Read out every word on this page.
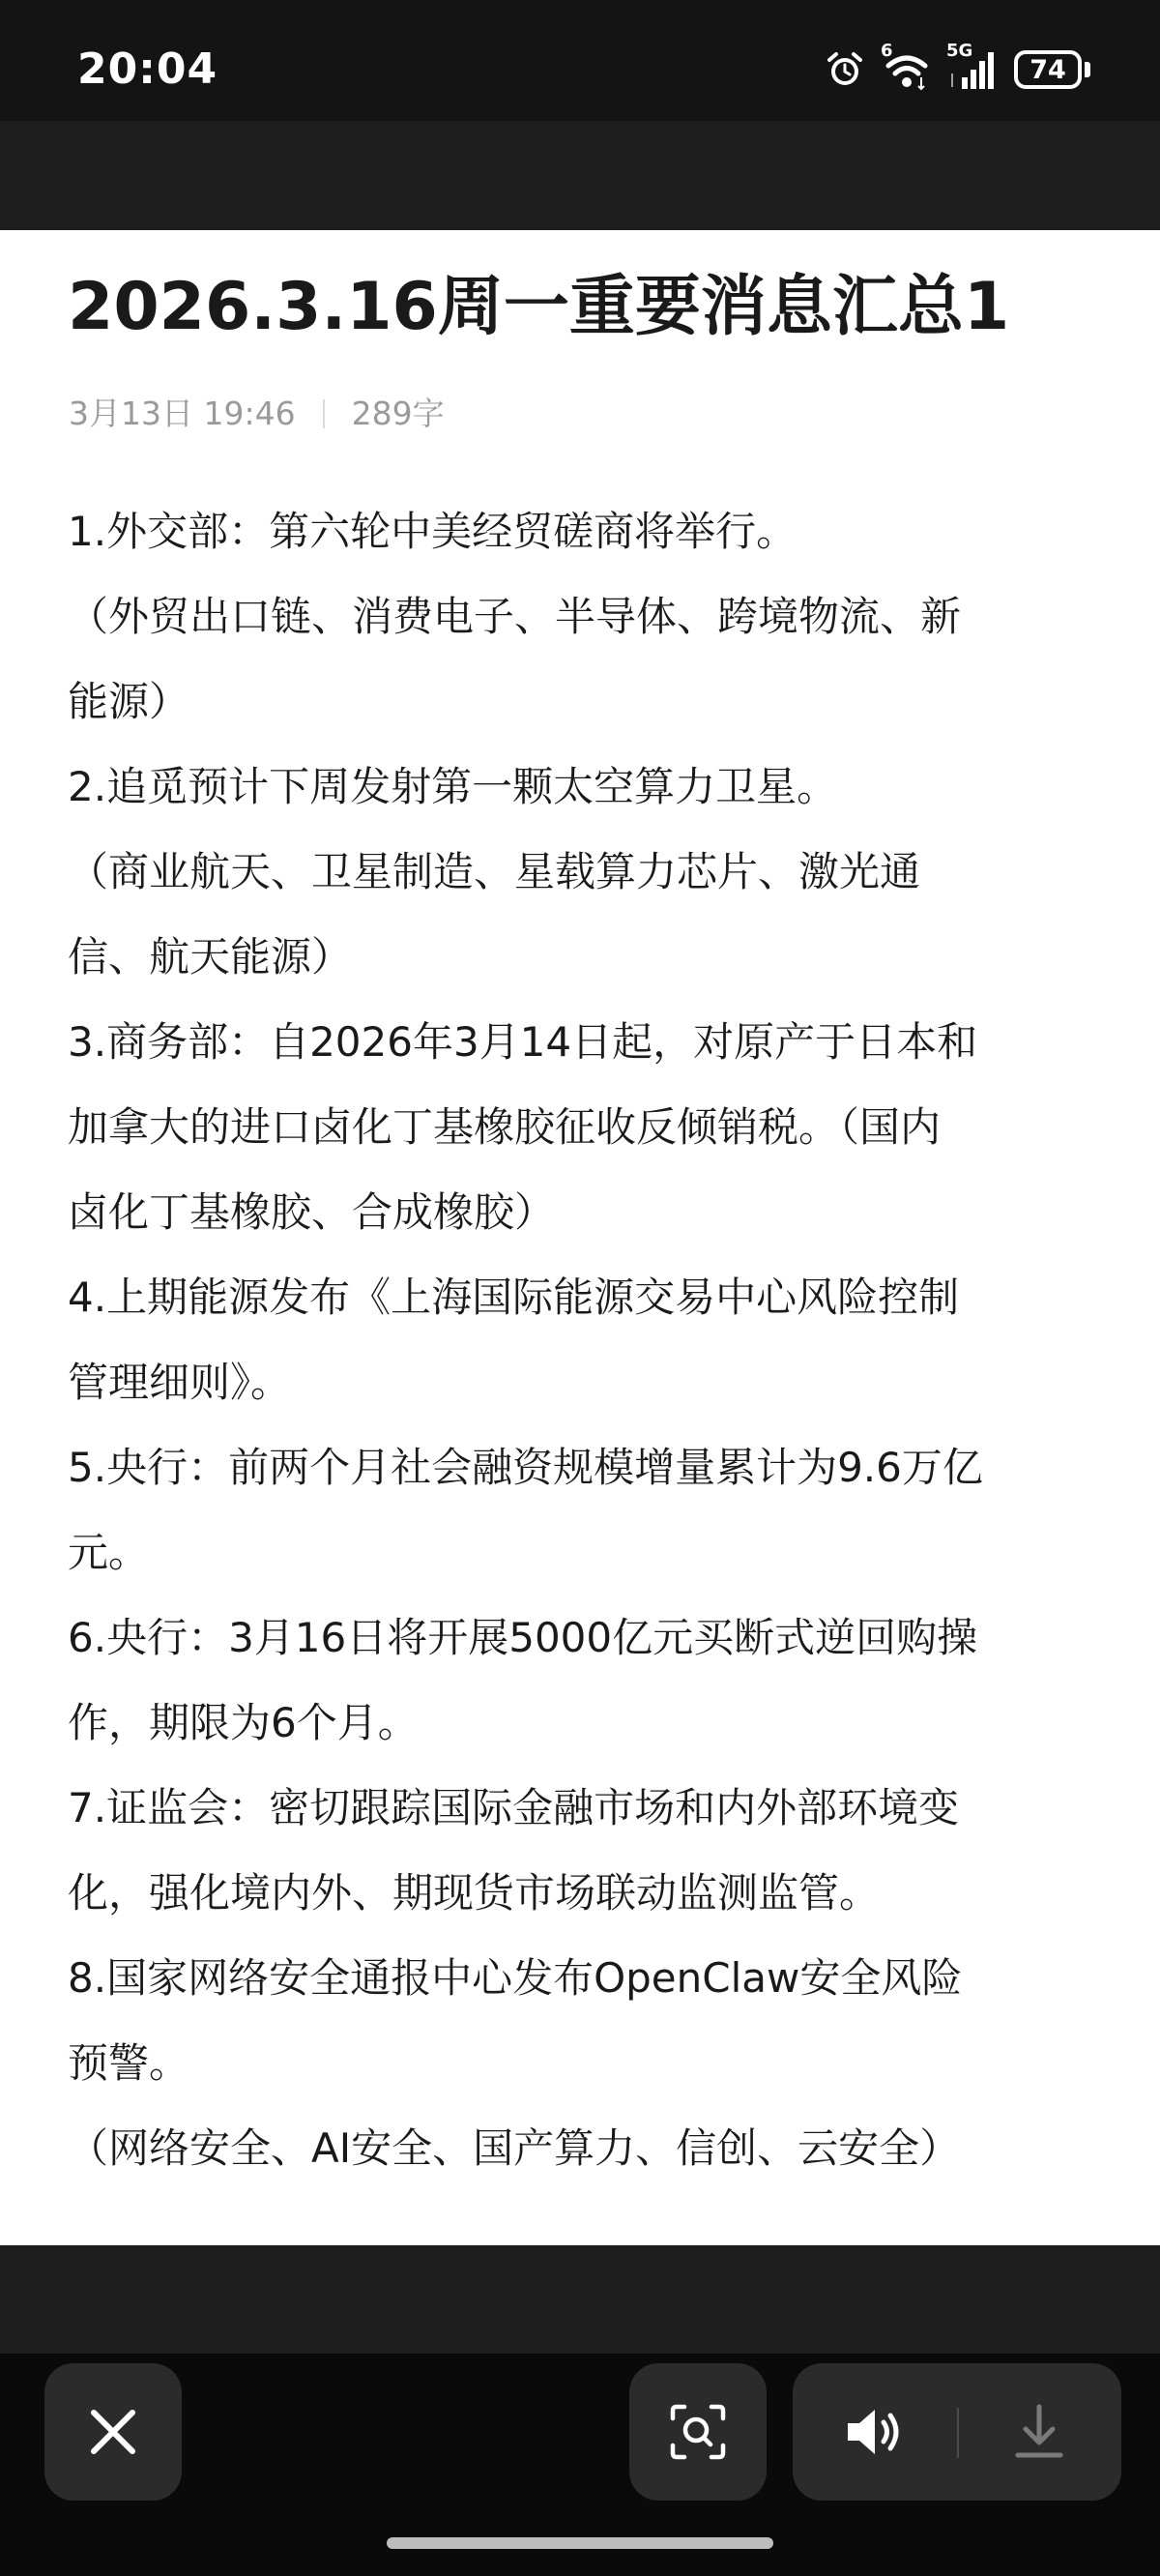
20:04	6	5G
74
2026.3.16周一重要消息汇总1
3月13日 19:46 289字

1.外交部：第六轮中美经贸磋商将举行。

（外贸出口链、消费电子、半导体、跨境物流、新

能源）

2.追觅预计下周发射第一颗太空算力卫星。

（商业航天、卫星制造、星载算力芯片、激光通

信、航天能源）

3.商务部：自2026年3月14日起，对原产于日本和

加拿大的进口卤化丁基橡胶征收反倾销税。（国内

卤化丁基橡胶、合成橡胶）

4.上期能源发布《上海国际能源交易中心风险控制

管理细则》。

5.央行：前两个月社会融资规模增量累计为9.6万亿

元。

6.央行：3月16日将开展5000亿元买断式逆回购操

作，期限为6个月。

7.证监会：密切跟踪国际金融市场和内外部环境变

化，强化境内外、期现货市场联动监测监管。

8.国家网络安全通报中心发布OpenClaw安全风险

预警。

（网络安全、AI安全、国产算力、信创、云安全）
